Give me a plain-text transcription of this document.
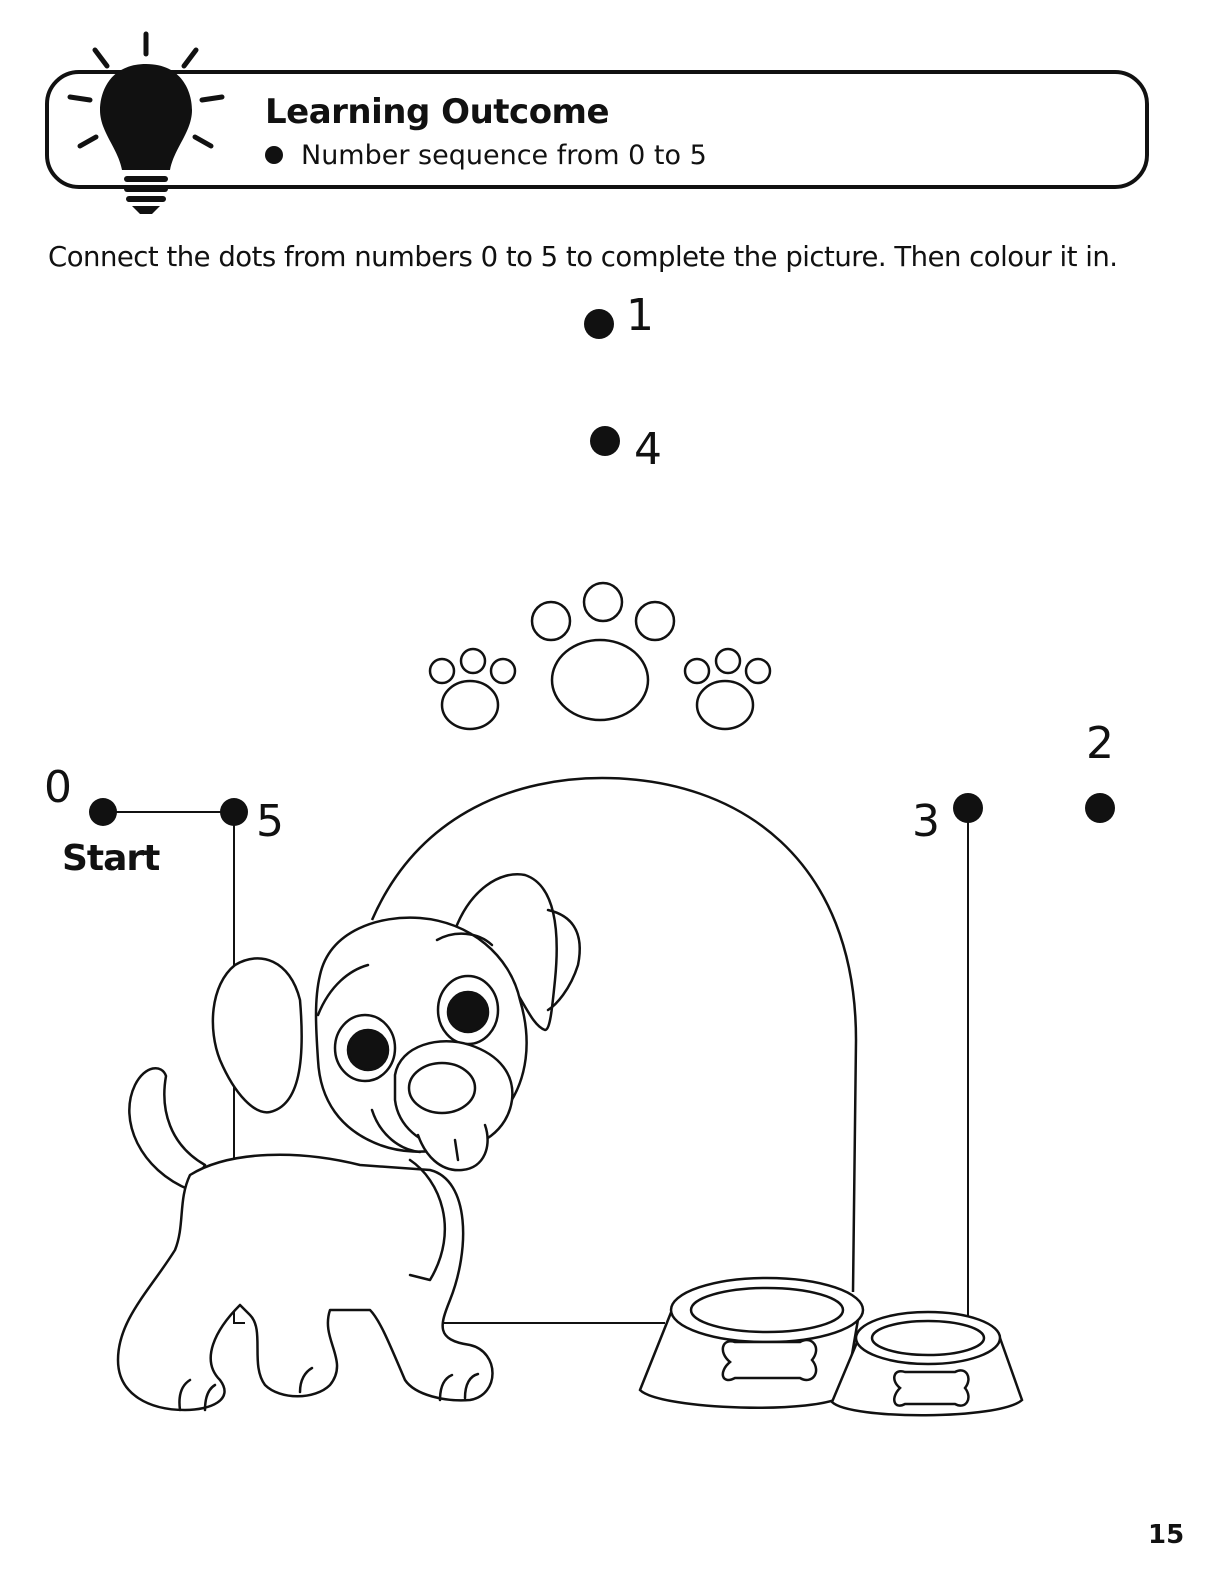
Learning Outcome
Number sequence from 0 to 5
Connect the dots from numbers 0 to 5 to complete the picture. Then colour it in.
0
5
1
4
3
2
Start
15
